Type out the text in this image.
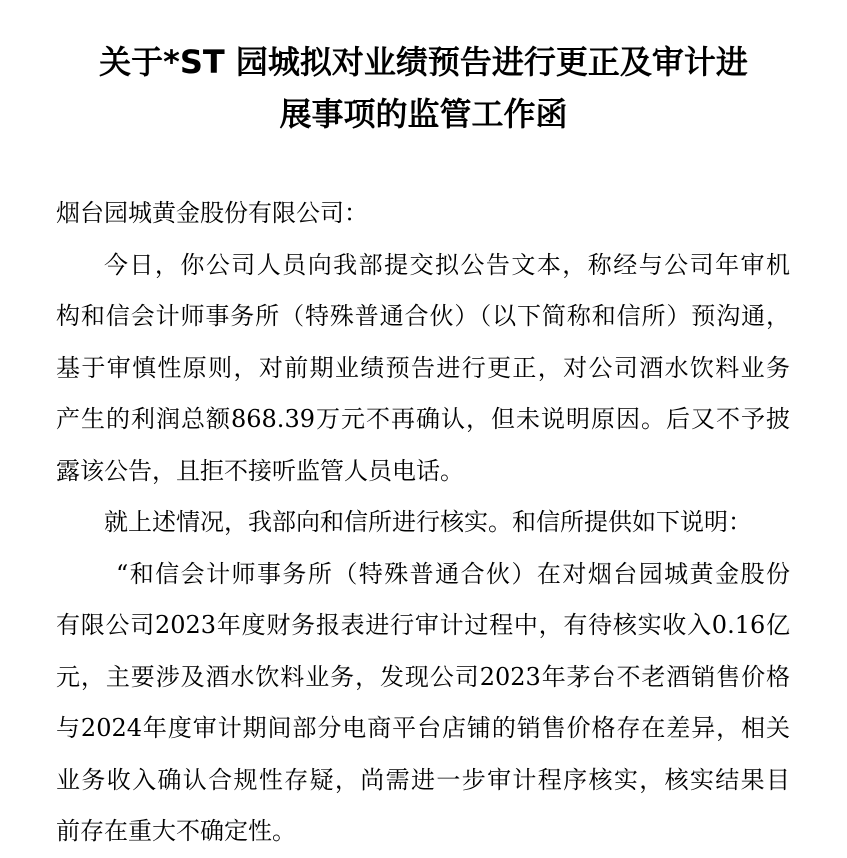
关于*ST 园城拟对业绩预告进行更正及审计进
展事项的监管工作函
烟台园城黄金股份有限公司：
今日，你公司人员向我部提交拟公告文本，称经与公司年审机
构和信会计师事务所（特殊普通合伙）（以下简称和信所）预沟通，
基于审慎性原则，对前期业绩预告进行更正，对公司酒水饮料业务
产生的利润总额868.39万元不再确认，但未说明原因。后又不予披
露该公告，且拒不接听监管人员电话。
就上述情况，我部向和信所进行核实。和信所提供如下说明：
“和信会计师事务所（特殊普通合伙）在对烟台园城黄金股份
有限公司2023年度财务报表进行审计过程中，有待核实收入0.16亿
元，主要涉及酒水饮料业务，发现公司2023年茅台不老酒销售价格
与2024年度审计期间部分电商平台店铺的销售价格存在差异，相关
业务收入确认合规性存疑，尚需进一步审计程序核实，核实结果目
前存在重大不确定性。
